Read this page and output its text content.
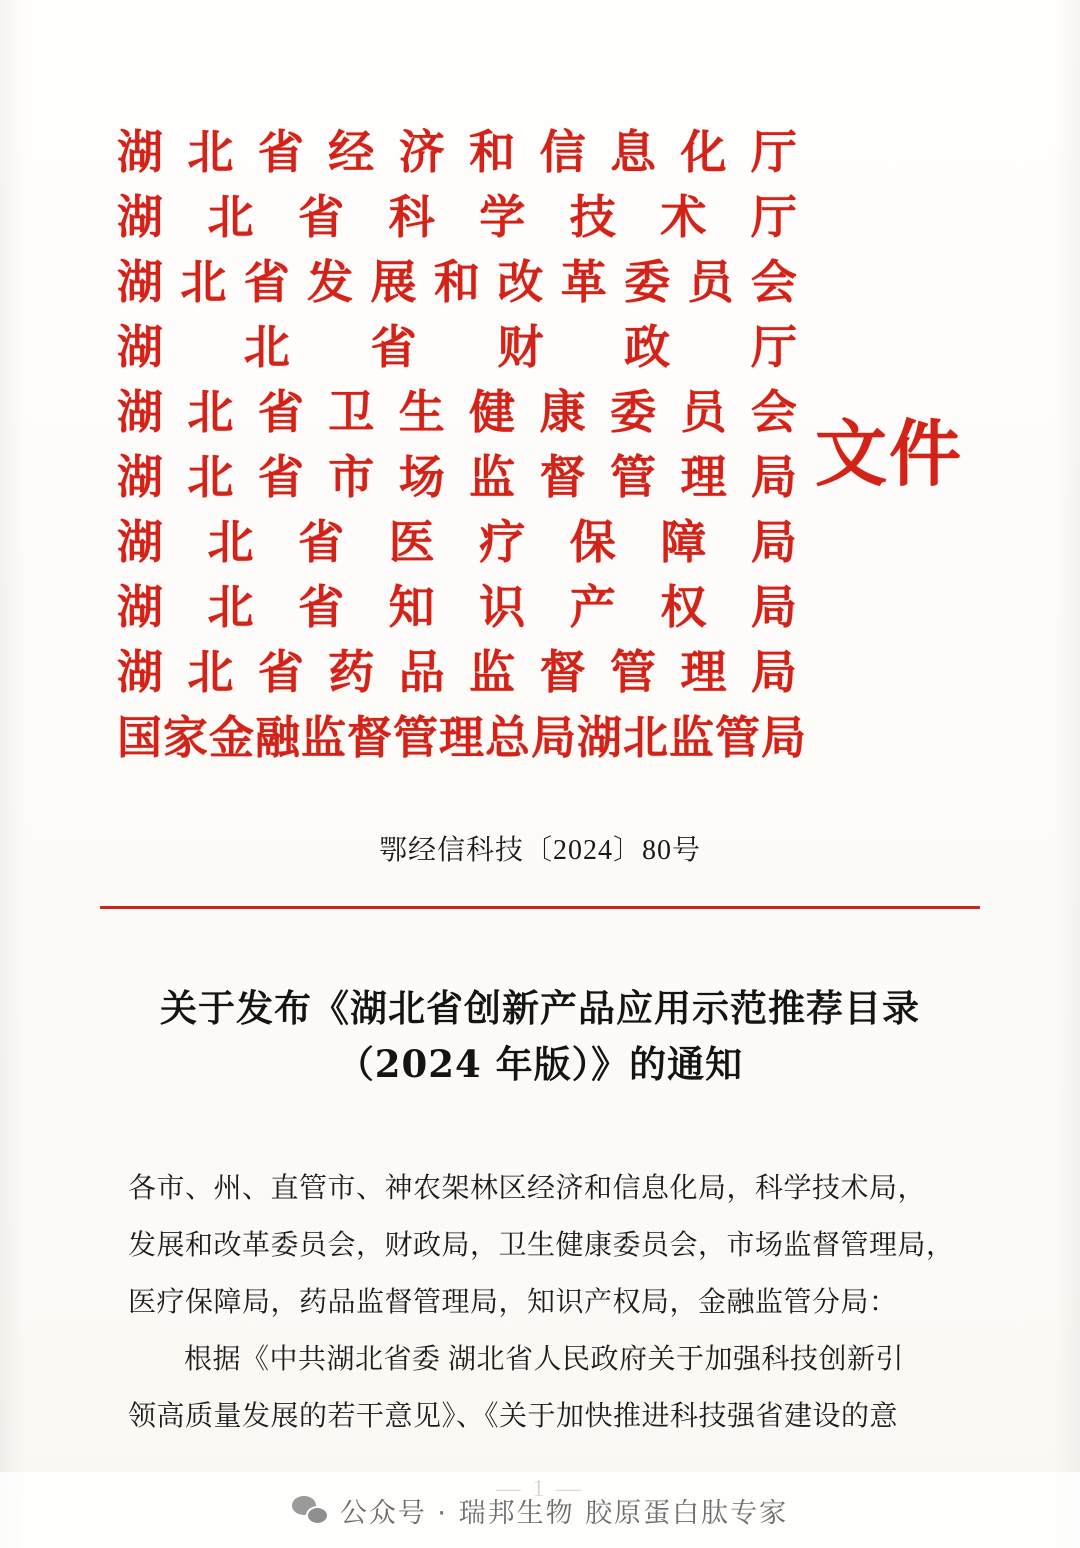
湖 北 省 经 济 和 信 息 化 厅
湖 北 省 科 学 技 术 厅
湖 北 省 发 展 和 改 革 委 员 会
湖 北 省 财 政 厅
湖 北 省 卫 生 健 康 委 员 会
湖 北 省 市 场 监 督 管 理 局
湖 北 省 医 疗 保 障 局
湖 北 省 知 识 产 权 局
湖 北 省 药 品 监 督 管 理 局
国家金融监督管理总局湖北监管局
文件
鄂经信科技〔2024〕80号
关于发布《湖北省创新产品应用示范推荐目录
（2024 年版）》的通知

各市、州、直管市、神农架林区经济和信息化局，科学技术局，

发展和改革委员会，财政局，卫生健康委员会，市场监督管理局，

医疗保障局，药品监督管理局，知识产权局，金融监管分局：

根据《中共湖北省委 湖北省人民政府关于加强科技创新引

领高质量发展的若干意见》、《关于加快推进科技强省建设的意

公众号 · 瑞邦生物 胶原蛋白肽专家
